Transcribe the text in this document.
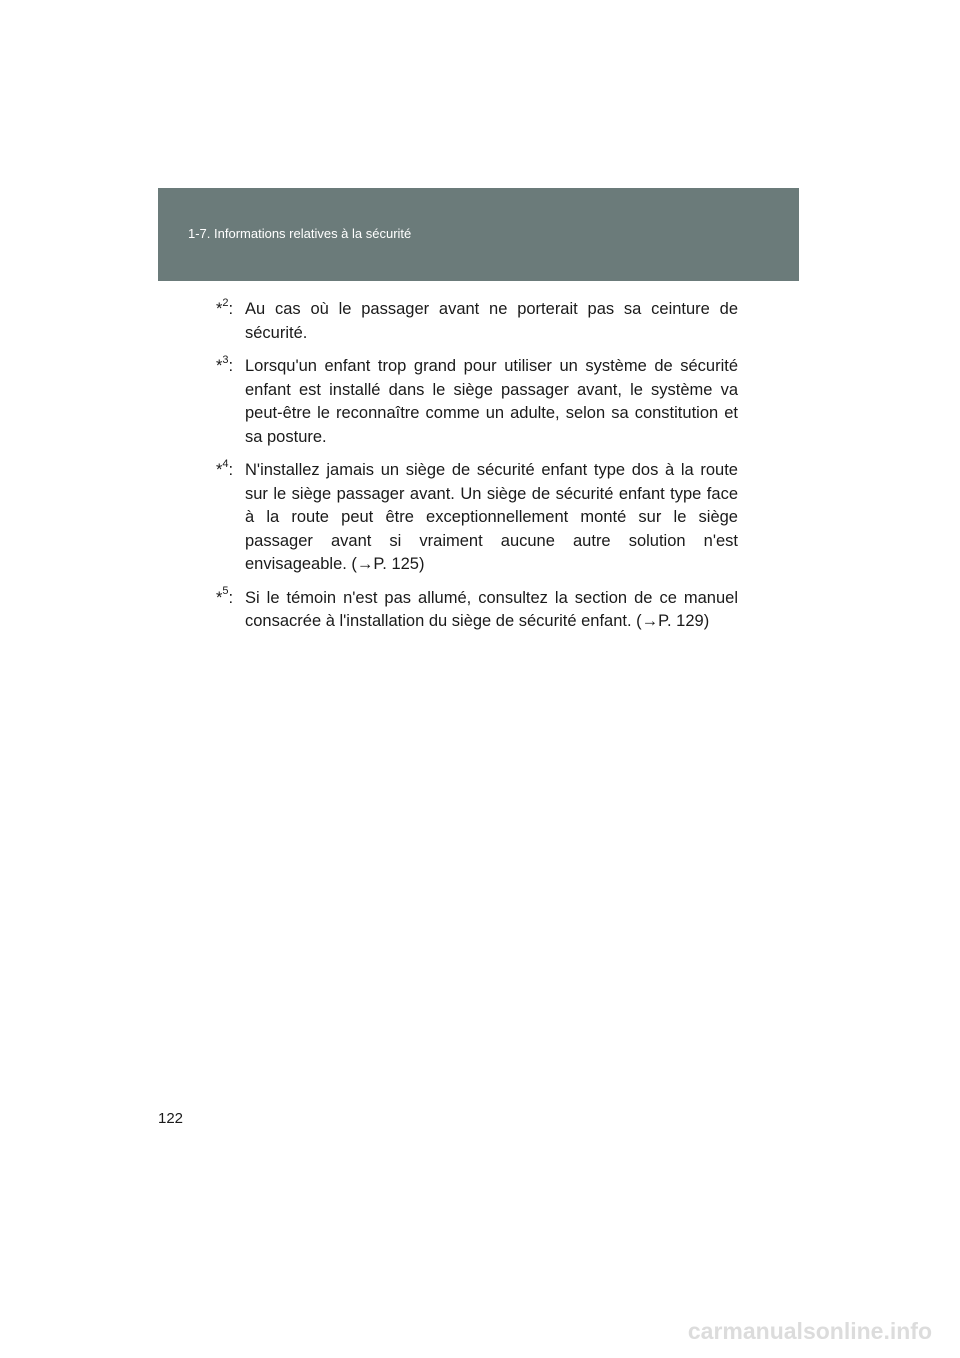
1-7. Informations relatives à la sécurité
*$^2$: Au cas où le passager avant ne porterait pas sa ceinture de sécurité.
*$^3$: Lorsqu'un enfant trop grand pour utiliser un système de sécurité enfant est installé dans le siège passager avant, le système va peut-être le reconnaître comme un adulte, selon sa constitution et sa posture.
*$^4$: N'installez jamais un siège de sécurité enfant type dos à la route sur le siège passager avant. Un siège de sécurité enfant type face à la route peut être exceptionnellement monté sur le siège passager avant si vraiment aucune autre solution n'est envisageable. (→P. 125)
*$^5$: Si le témoin n'est pas allumé, consultez la section de ce manuel consacrée à l'installation du siège de sécurité enfant. (→P. 129)
122
carmanualsonline.info
